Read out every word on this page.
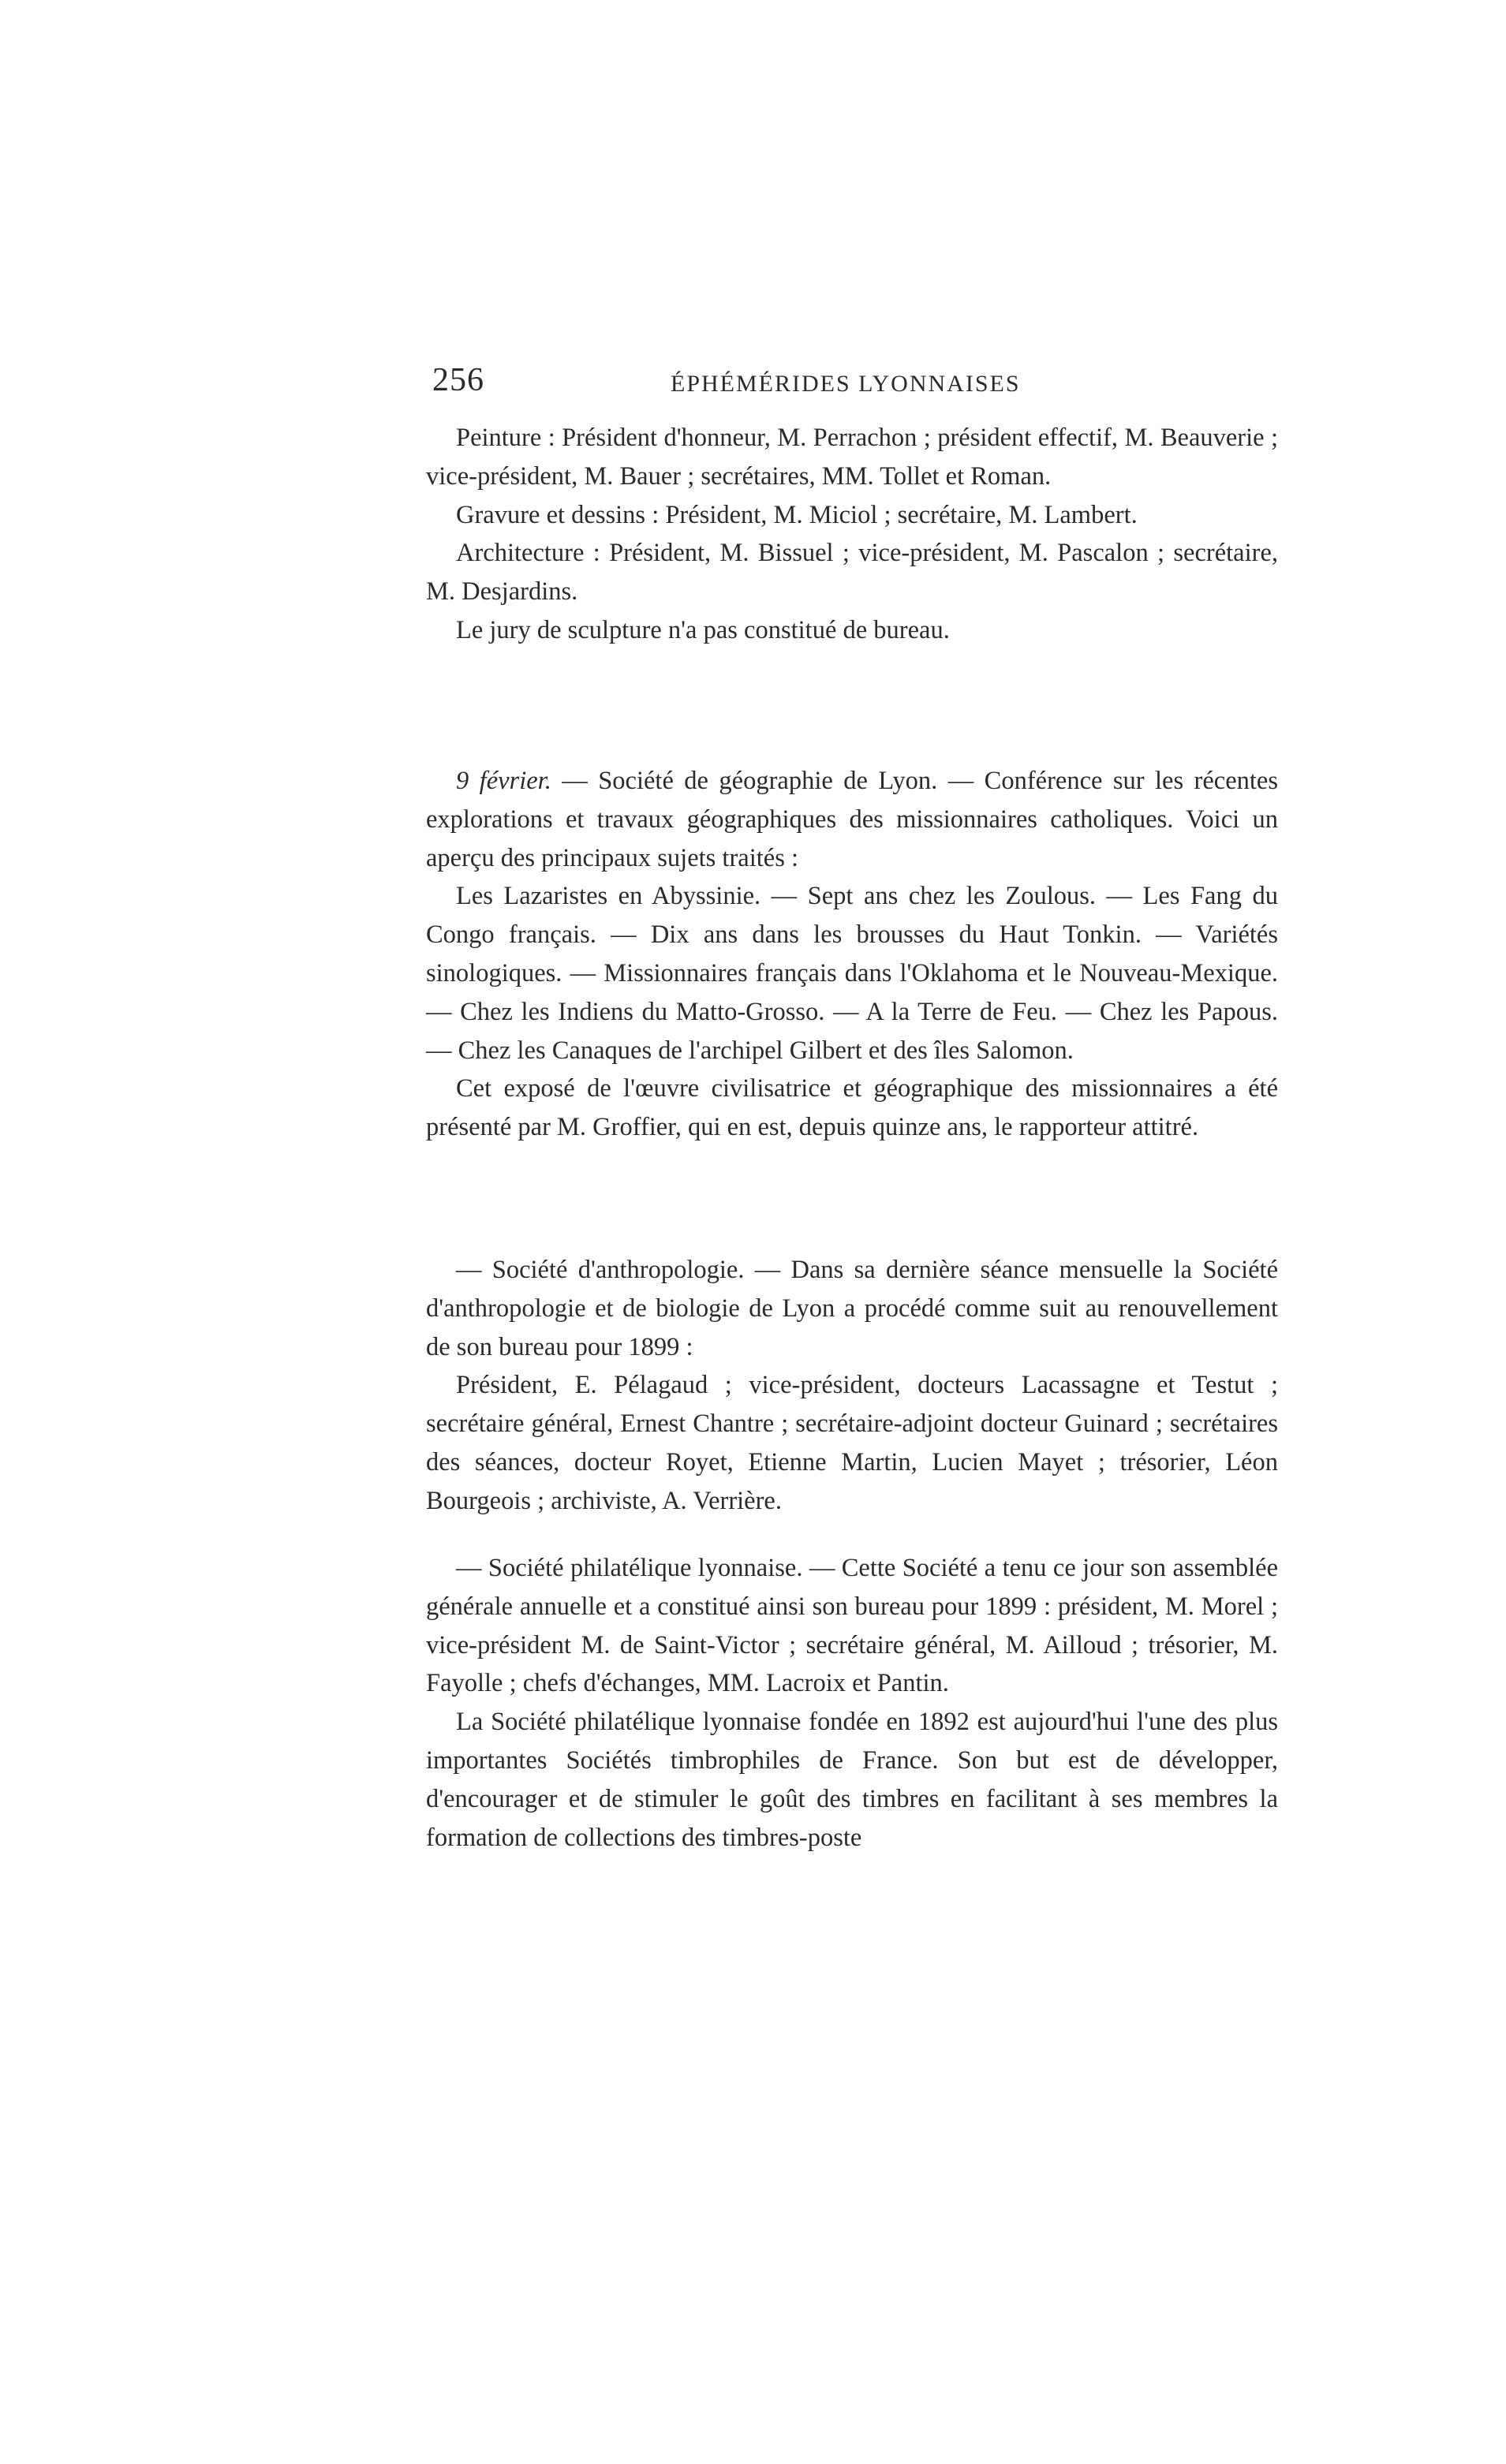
256	ÉPHÉMÉRIDES LYONNAISES

Peinture : Président d'honneur, M. Perrachon ; président effectif, M. Beauverie ; vice-président, M. Bauer ; secrétaires, MM. Tollet et Roman.

Gravure et dessins : Président, M. Miciol ; secrétaire, M. Lambert.

Architecture : Président, M. Bissuel ; vice-président, M. Pascalon ; secrétaire, M. Desjardins.

Le jury de sculpture n'a pas constitué de bureau.

9 février. — Société de géographie de Lyon. — Conférence sur les récentes explorations et travaux géographiques des missionnaires catholiques. Voici un aperçu des principaux sujets traités :

Les Lazaristes en Abyssinie. — Sept ans chez les Zoulous. — Les Fang du Congo français. — Dix ans dans les brousses du Haut Tonkin. — Variétés sinologiques. — Missionnaires français dans l'Oklahoma et le Nouveau-Mexique. — Chez les Indiens du Matto-Grosso. — A la Terre de Feu. — Chez les Papous. — Chez les Canaques de l'archipel Gilbert et des îles Salomon.

Cet exposé de l'œuvre civilisatrice et géographique des missionnaires a été présenté par M. Groffier, qui en est, depuis quinze ans, le rapporteur attitré.

— Société d'anthropologie. — Dans sa dernière séance mensuelle la Société d'anthropologie et de biologie de Lyon a procédé comme suit au renouvellement de son bureau pour 1899 :

Président, E. Pélagaud ; vice-président, docteurs Lacassagne et Testut ; secrétaire général, Ernest Chantre ; secrétaire-adjoint docteur Guinard ; secrétaires des séances, docteur Royet, Etienne Martin, Lucien Mayet ; trésorier, Léon Bourgeois ; archiviste, A. Verrière.

— Société philatélique lyonnaise. — Cette Société a tenu ce jour son assemblée générale annuelle et a constitué ainsi son bureau pour 1899 : président, M. Morel ; vice-président M. de Saint-Victor ; secrétaire général, M. Ailloud ; trésorier, M. Fayolle ; chefs d'échanges, MM. Lacroix et Pantin.

La Société philatélique lyonnaise fondée en 1892 est aujourd'hui l'une des plus importantes Sociétés timbrophiles de France. Son but est de développer, d'encourager et de stimuler le goût des timbres en facilitant à ses membres la formation de collections des timbres-poste
